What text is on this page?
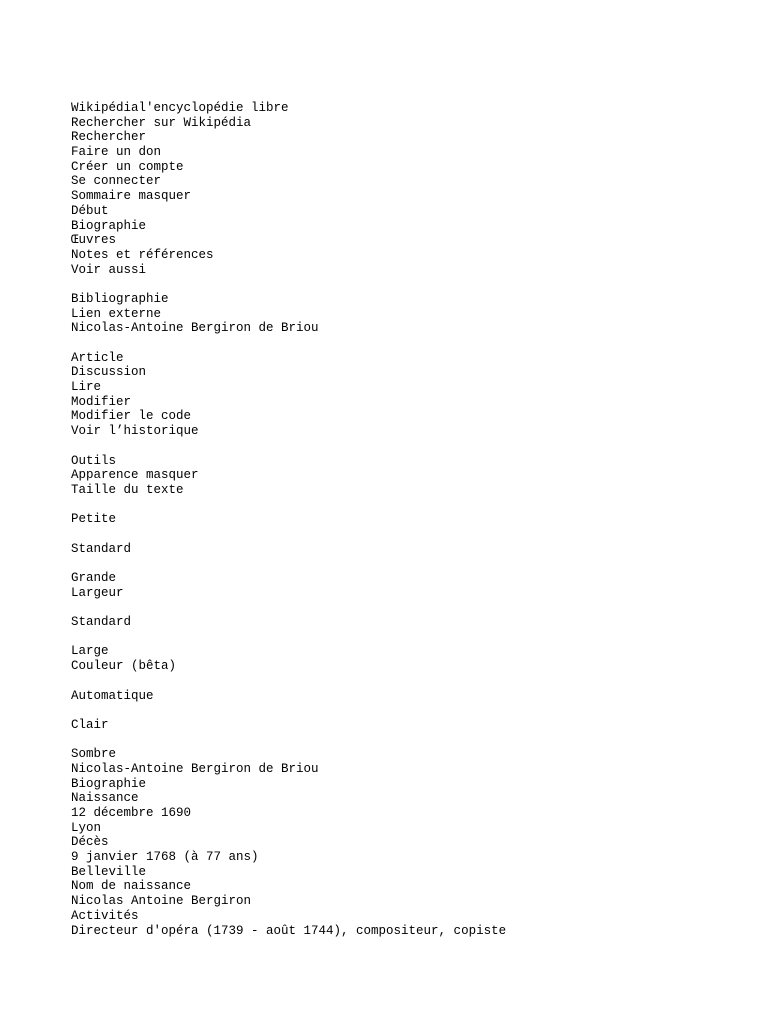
Wikipédial'encyclopédie libre
Rechercher sur Wikipédia
Rechercher
Faire un don
Créer un compte
Se connecter
Sommaire masquer
Début
Biographie
Œuvres
Notes et références
Voir aussi
Bibliographie
Lien externe
Nicolas-Antoine Bergiron de Briou
Article
Discussion
Lire
Modifier
Modifier le code
Voir l’historique
Outils
Apparence masquer
Taille du texte
Petite
Standard
Grande
Largeur
Standard
Large
Couleur (bêta)
Automatique
Clair
Sombre
Nicolas-Antoine Bergiron de Briou
Biographie
Naissance
12 décembre 1690
Lyon
Décès
9 janvier 1768 (à 77 ans)
Belleville
Nom de naissance
Nicolas Antoine Bergiron
Activités
Directeur d'opéra (1739 - août 1744), compositeur, copiste
